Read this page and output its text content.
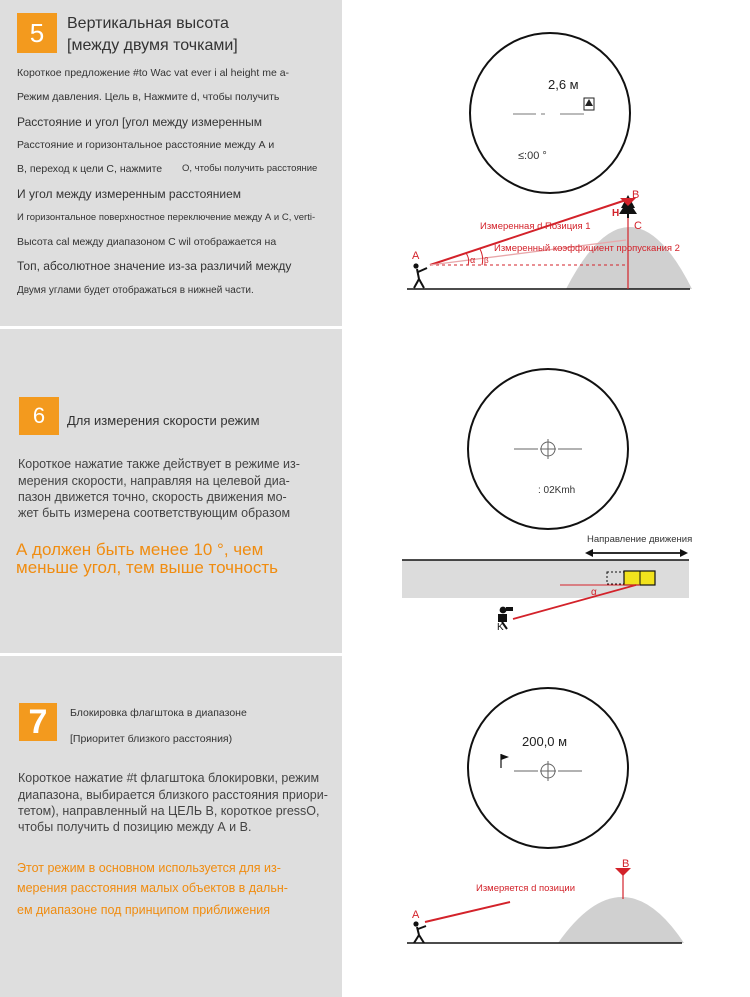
5	Вертикальная высота
[между двумя точками]
Короткое предложение #to Wac vat ever i al height me a-
Режим давления. Цель в, Нажмите d, чтобы получить
Расстояние и угол [угол между измеренным
Расстояние и горизонтальное расстояние между А и
В, переход к цели С, нажмите О, чтобы получить расстояние
И угол между измеренным расстоянием
И горизонтальное поверхностное переключение между А и С, verti-
Высота cal между диапазоном С wil отображается на
Топ, абсолютное значение из-за различий между
Двумя углами будет отображаться в нижней части.
2,6 м
≤:00 °
α β
B
C
H
Измеренная d Позиция 1
Измеренный коэффициент пропускания 2
A
6	Для измерения скорости режим
Короткое нажатие также действует в режиме из-
мерения скорости, направляя на целевой диа-
пазон движется точно, скорость движения мо-
жет быть измерена соответствующим образом
А должен быть менее 10 °, чем
меньше угол, тем выше точность
: 02Kmh
Направление движения
α
K
7	Блокировка флагштока в диапазоне
[Приоритет близкого расстояния)
Короткое нажатие #t флагштока блокировки, режим
диапазона, выбирается близкого расстояния приори-
тетом), направленный на ЦЕЛЬ В, короткое pressO,
чтобы получить d позицию между А и В.
Этот режим в основном используется для из-
мерения расстояния малых объектов в дальн-
ем диапазоне под принципом приближения
200,0 м
B
Измеряется d позиции
A
